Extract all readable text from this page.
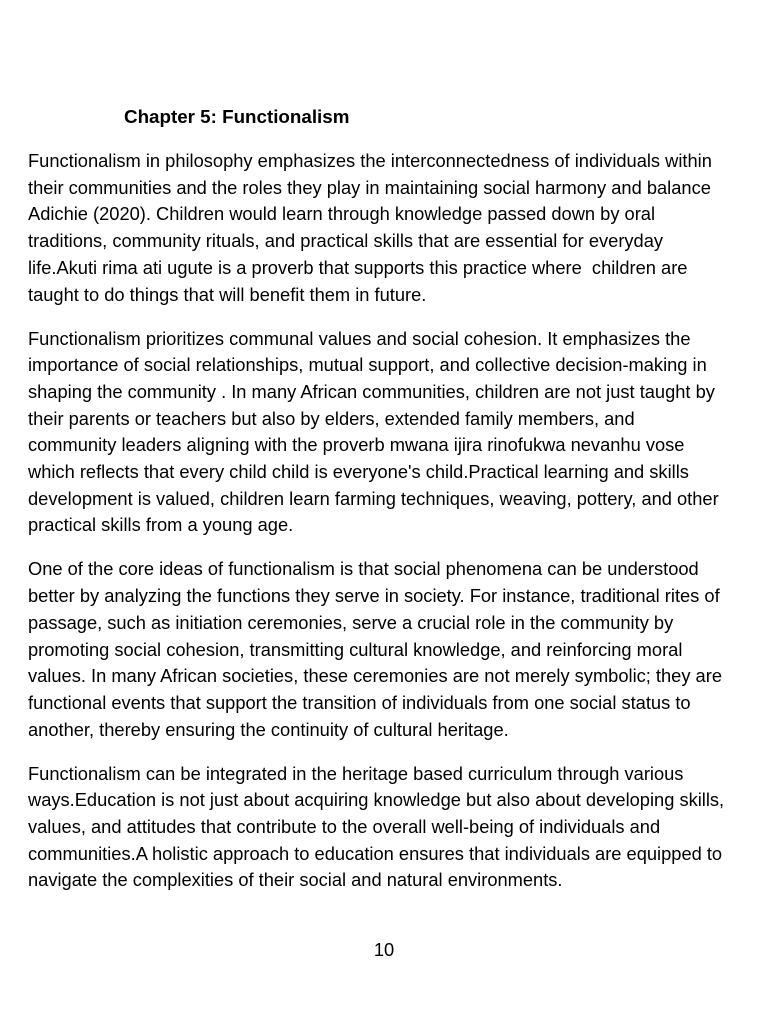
Chapter 5: Functionalism

Functionalism in philosophy emphasizes the interconnectedness of individuals within
their communities and the roles they play in maintaining social harmony and balance
Adichie (2020). Children would learn through knowledge passed down by oral
traditions, community rituals, and practical skills that are essential for everyday
life.Akuti rima ati ugute is a proverb that supports this practice where  children are
taught to do things that will benefit them in future.

Functionalism prioritizes communal values and social cohesion. It emphasizes the
importance of social relationships, mutual support, and collective decision-making in
shaping the community . In many African communities, children are not just taught by
their parents or teachers but also by elders, extended family members, and
community leaders aligning with the proverb mwana ijira rinofukwa nevanhu vose
which reflects that every child child is everyone's child.Practical learning and skills
development is valued, children learn farming techniques, weaving, pottery, and other
practical skills from a young age.

One of the core ideas of functionalism is that social phenomena can be understood
better by analyzing the functions they serve in society. For instance, traditional rites of
passage, such as initiation ceremonies, serve a crucial role in the community by
promoting social cohesion, transmitting cultural knowledge, and reinforcing moral
values. In many African societies, these ceremonies are not merely symbolic; they are
functional events that support the transition of individuals from one social status to
another, thereby ensuring the continuity of cultural heritage.

Functionalism can be integrated in the heritage based curriculum through various
ways.Education is not just about acquiring knowledge but also about developing skills,
values, and attitudes that contribute to the overall well-being of individuals and
communities.A holistic approach to education ensures that individuals are equipped to
navigate the complexities of their social and natural environments.

10
